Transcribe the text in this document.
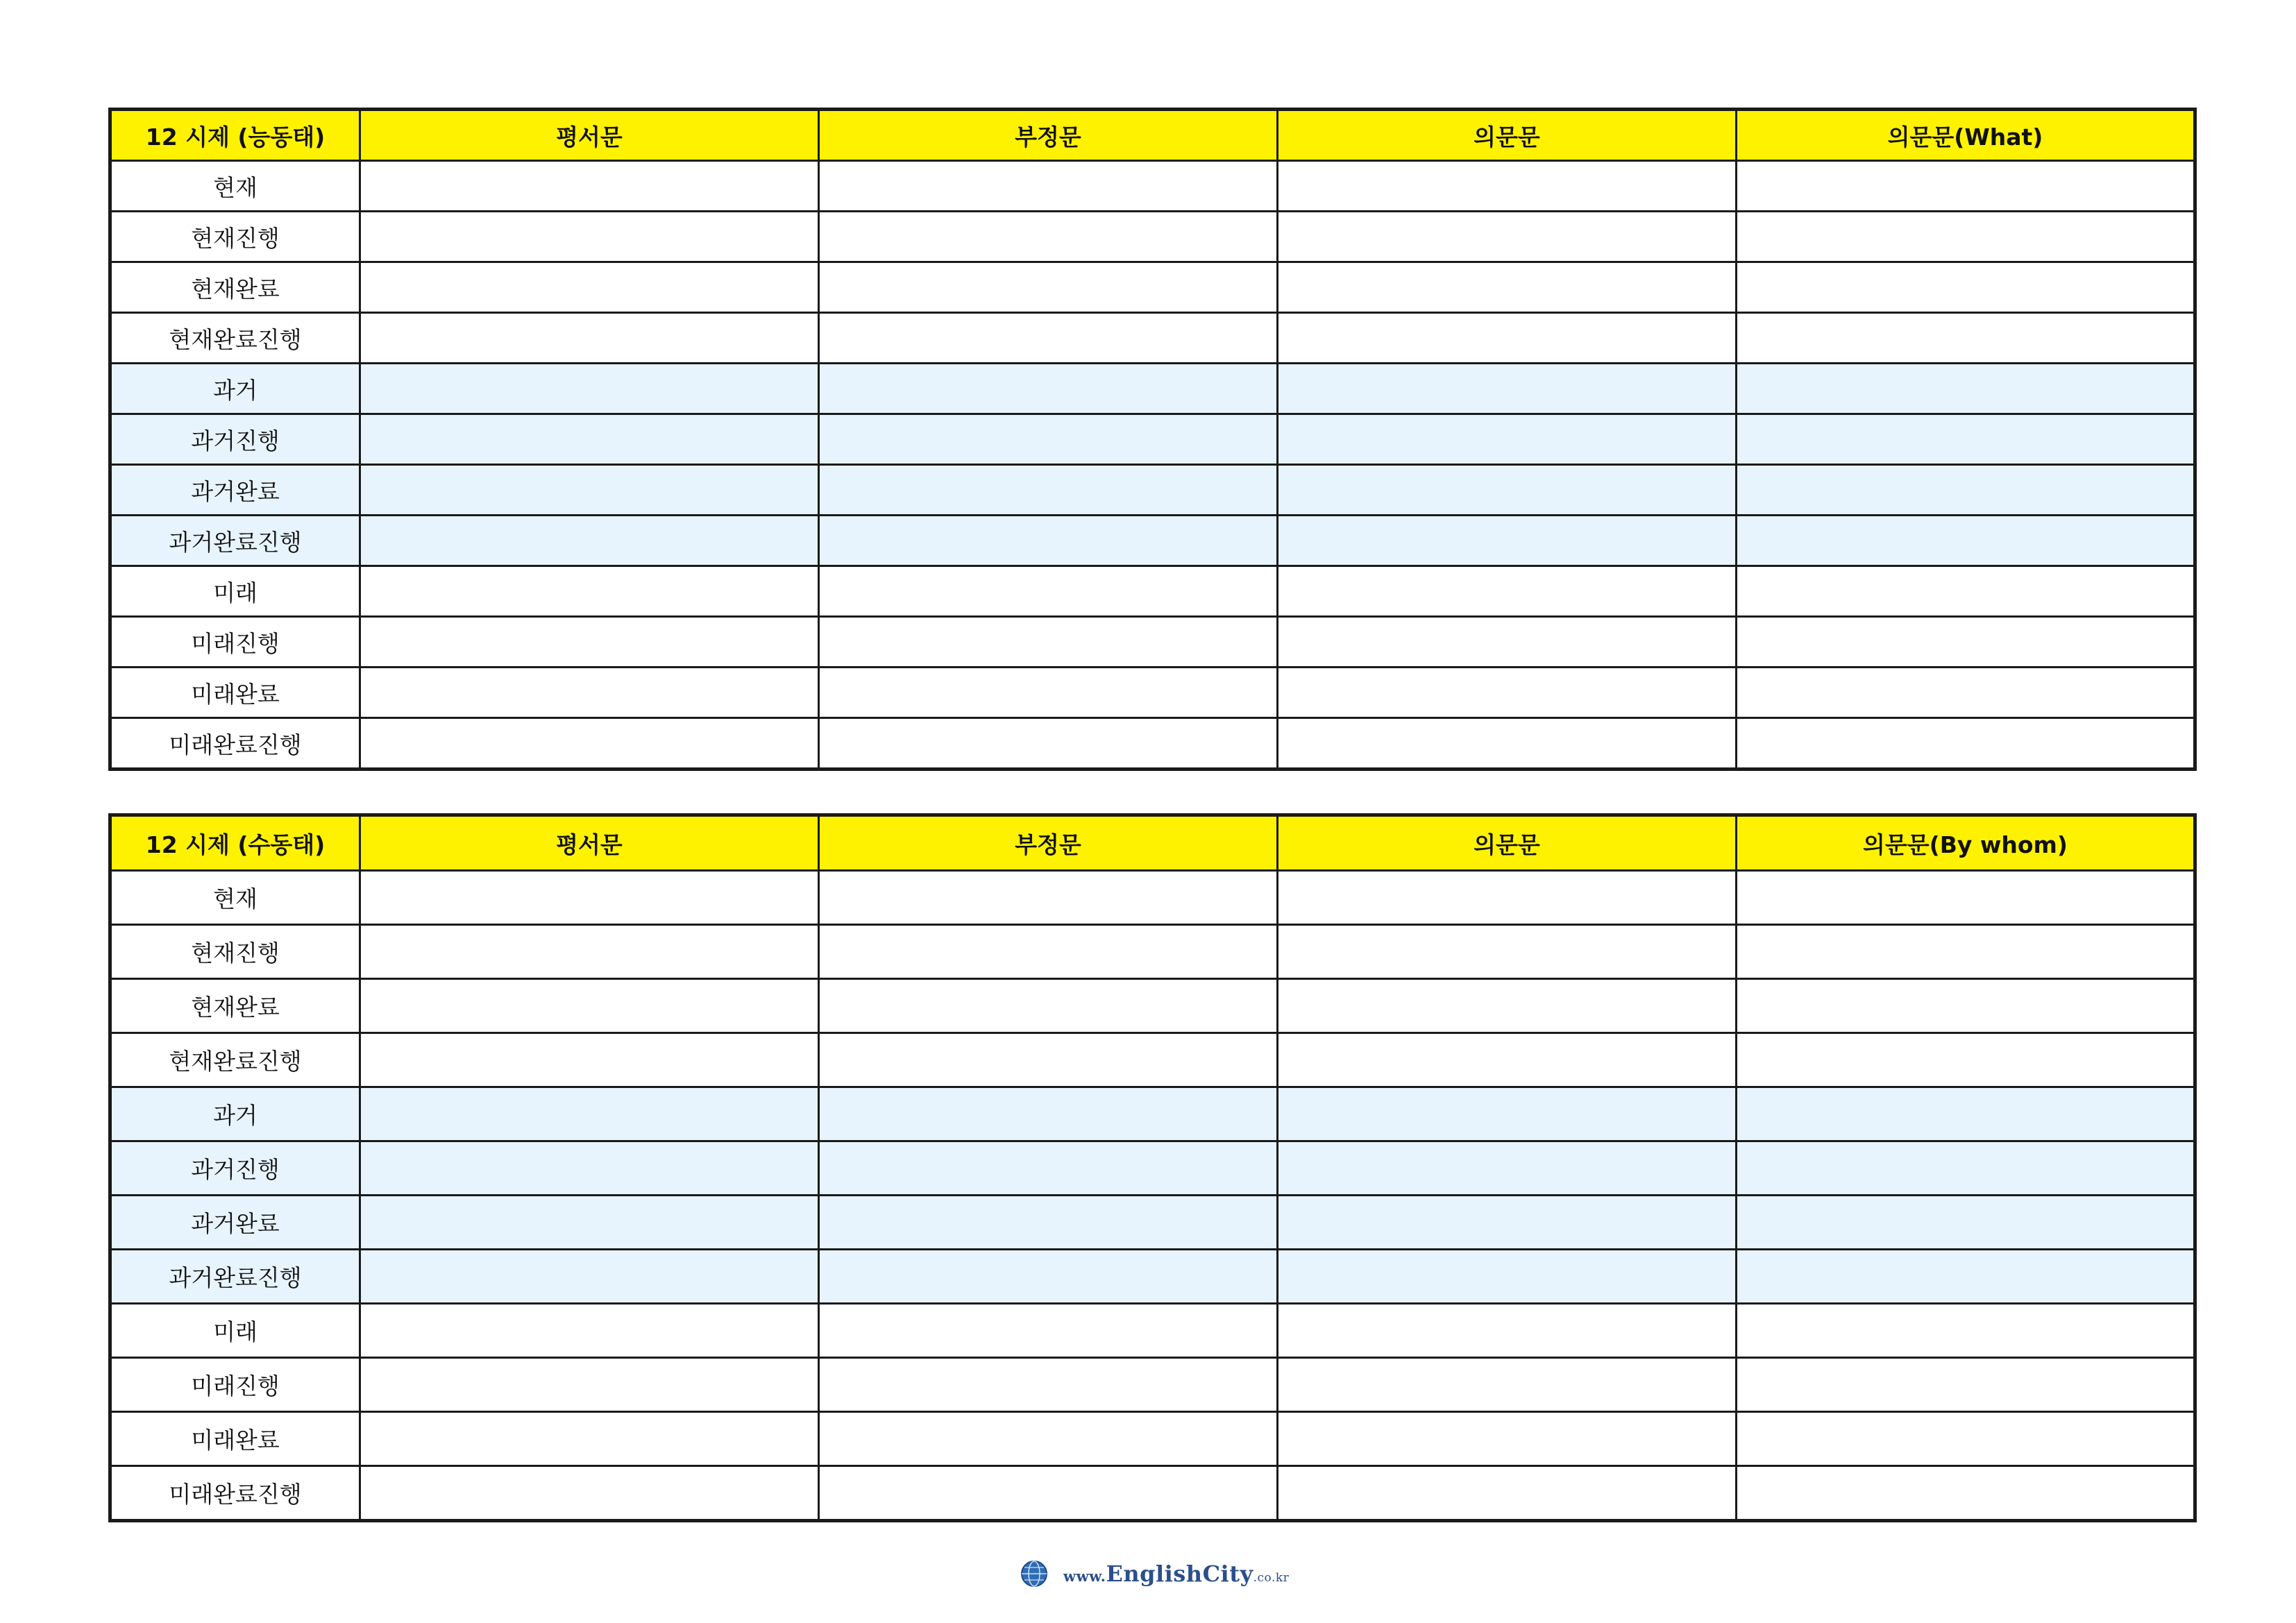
12 시제 (능동태)	평서문	부정문	의문문	의문문(What)
현재				
현재진행				
현재완료				
현재완료진행				
과거				
과거진행				
과거완료				
과거완료진행				
미래				
미래진행				
미래완료				
미래완료진행				
12 시제 (수동태)	평서문	부정문	의문문	의문문(By whom)
현재				
현재진행				
현재완료				
현재완료진행				
과거				
과거진행				
과거완료				
과거완료진행				
미래				
미래진행				
미래완료				
미래완료진행				
www.EnglishCity.co.kr
